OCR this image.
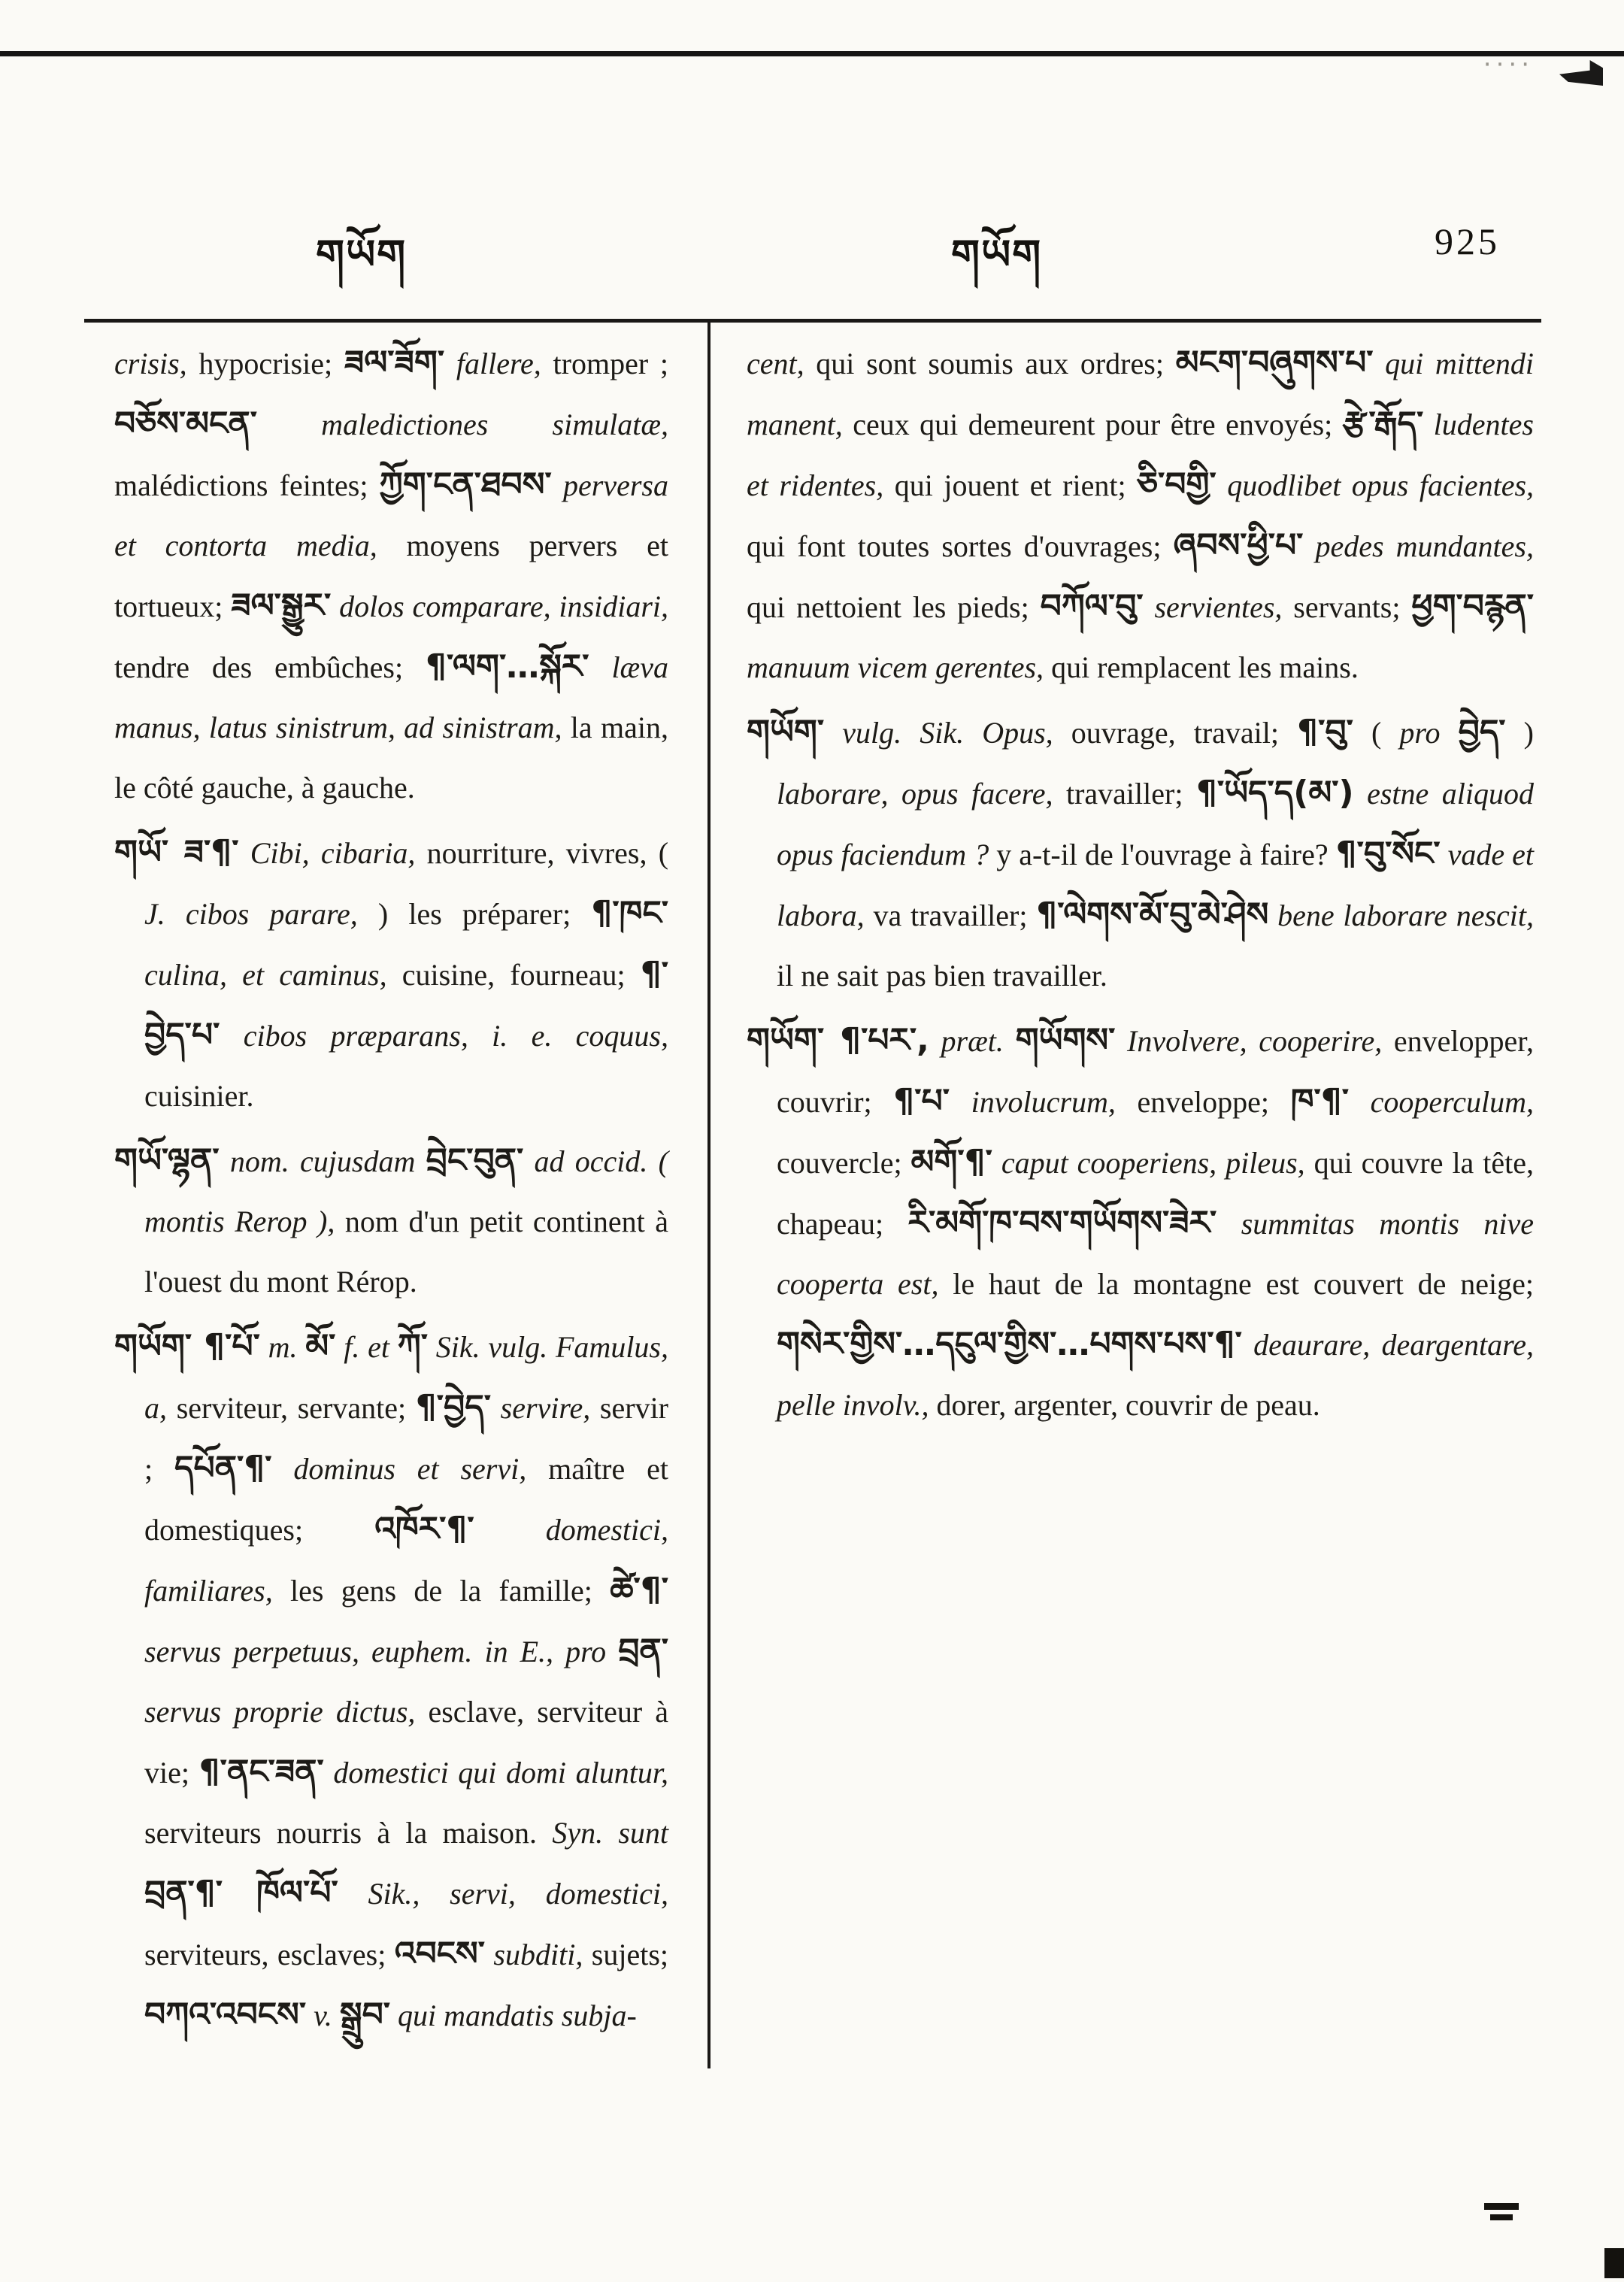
····
གཡོག	གཡོག	925

crisis, hypocrisie; ཟལ་ཟོག་ fallere, tromper ; བཅོས་མངན་ maledictiones simulatæ, malédictions feintes; ཀྱོག་ངན་ཐབས་ perversa et contorta media, moyens pervers et tortueux; ཟལ་སྒྱུར་ dolos comparare, insidiari, tendre des embûches; ¶་ལག་…སྐོར་ læva manus, latus sinistrum, ad sinistram, la main, le côté gauche, à gauche.

གཡོ་ ཟ་¶་ Cibi, cibaria, nourriture, vivres, ( J. cibos parare, ) les préparer; ¶་ཁང་ culina, et caminus, cuisine, fourneau; ¶་བྱེད་པ་ cibos præparans, i. e. coquus, cuisinier.

གཡོ་ལྷན་ nom. cujusdam བྲེང་བུན་ ad occid. ( montis Rerop ), nom d'un petit continent à l'ouest du mont Rérop.

གཡོག་ ¶་པོ་ m. མོ་ f. et ཀོ་ Sik. vulg. Famulus, a, serviteur, servante; ¶་བྱེད་ servire, servir ; དཔོན་¶་ dominus et servi, maître et domestiques; འཁོར་¶་ domestici, familiares, les gens de la famille; ཚེ་¶་ servus perpetuus, euphem. in E., pro བྲན་ servus proprie dictus, esclave, serviteur à vie; ¶་ནང་ཟན་ domestici qui domi aluntur, serviteurs nourris à la maison. Syn. sunt བྲན་¶་ ཁོལ་པོ་ Sik., servi, domestici, serviteurs, esclaves; འབངས་ subditi, sujets; བཀའ་འབངས་ v. སྒྲུབ་ qui mandatis subja-

cent, qui sont soumis aux ordres; མངག་བཞུགས་པ་ qui mittendi manent, ceux qui demeurent pour être envoyés; རྩེ་རྒོད་ ludentes et ridentes, qui jouent et rient; ཅི་བགྱི་ quodlibet opus facientes, qui font toutes sortes d'ouvrages; ཞབས་ཕྱི་པ་ pedes mundantes, qui nettoient les pieds; བཀོལ་བུ་ servientes, servants; ཕྱག་བརྙན་ manuum vicem gerentes, qui remplacent les mains.

གཡོག་ vulg. Sik. Opus, ouvrage, travail; ¶་བུ་ ( pro བྱེད་ ) laborare, opus facere, travailler; ¶་ཡོད་ད(མ་) estne aliquod opus faciendum ? y a-t-il de l'ouvrage à faire? ¶་བུ་སོང་ vade et labora, va travailler; ¶་ལེགས་མོ་བུ་མེ་ཤེས bene laborare nescit, il ne sait pas bien travailler.

གཡོག་ ¶་པར་, præt. གཡོགས་ Involvere, cooperire, envelopper, couvrir; ¶་པ་ involucrum, enveloppe; ཁ་¶་ cooperculum, couvercle; མགོ་¶་ caput cooperiens, pileus, qui couvre la tête, chapeau; རི་མགོ་ཁ་བས་གཡོགས་ཟེར་ summitas montis nive cooperta est, le haut de la montagne est couvert de neige; གསེར་གྱིས་…དངུལ་གྱིས་…པགས་པས་¶་ deaurare, deargentare, pelle involv., dorer, argenter, couvrir de peau.
